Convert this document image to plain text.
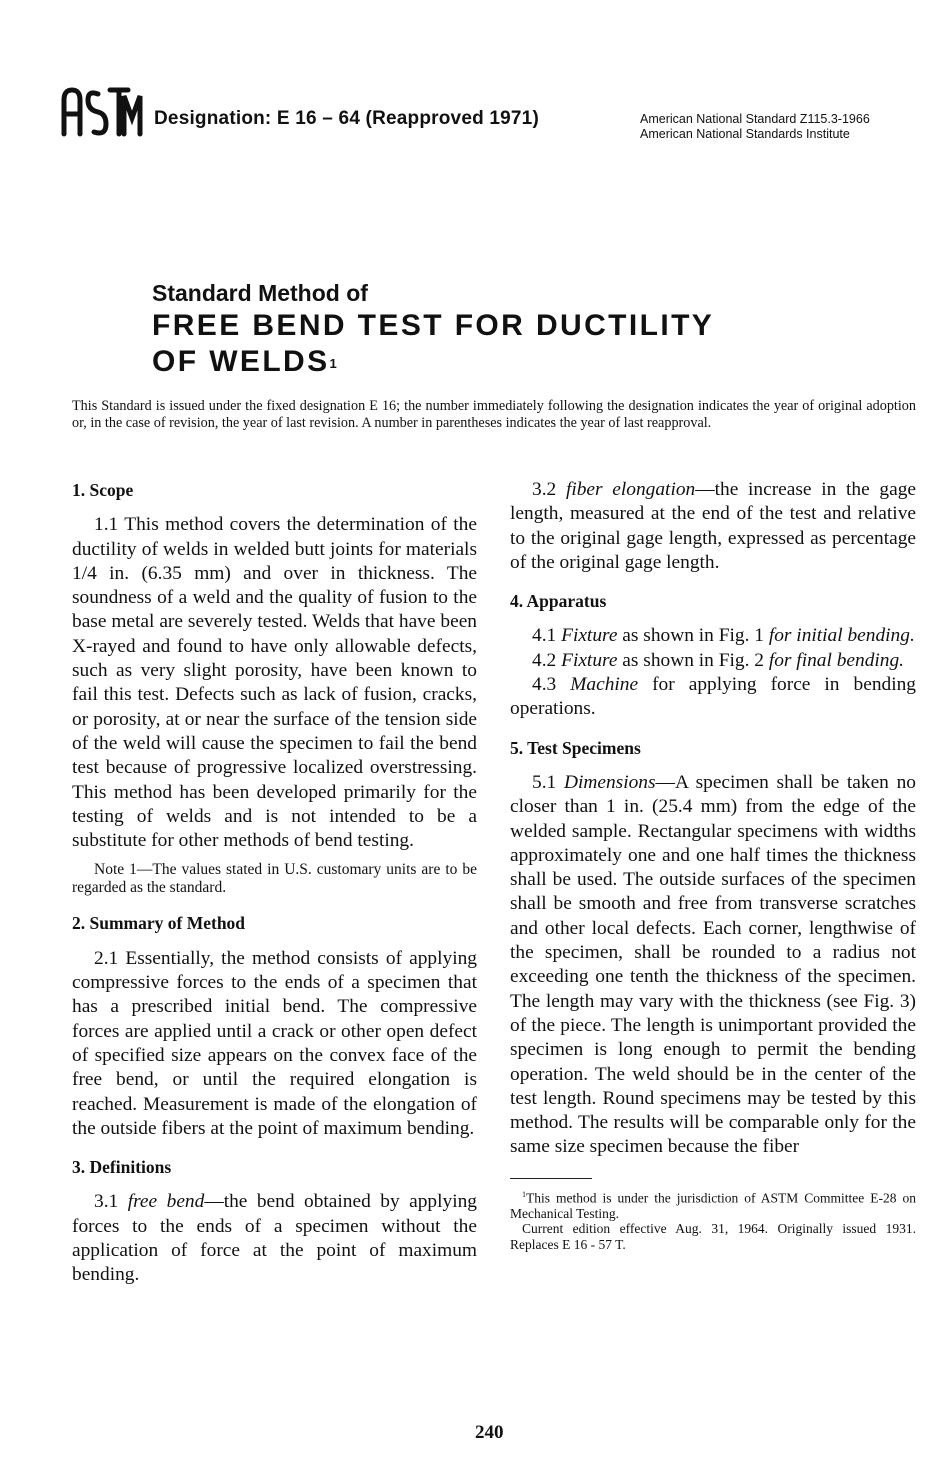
Designation: E 16 – 64 (Reapproved 1971)	American National Standard Z115.3-1966
American National Standards Institute
Standard Method of
FREE BEND TEST FOR DUCTILITY
OF WELDS$^1$
This Standard is issued under the fixed designation E 16; the number immediately following the designation indicates the year of original adoption or, in the case of revision, the year of last revision. A number in parentheses indicates the year of last reapproval.

1. Scope

1.1 This method covers the determination of the ductility of welds in welded butt joints for materials 1/4 in. (6.35 mm) and over in thickness. The soundness of a weld and the quality of fusion to the base metal are severely tested. Welds that have been X-rayed and found to have only allowable defects, such as very slight porosity, have been known to fail this test. Defects such as lack of fusion, cracks, or porosity, at or near the surface of the tension side of the weld will cause the specimen to fail the bend test because of progressive localized overstressing. This method has been developed primarily for the testing of welds and is not intended to be a substitute for other methods of bend testing.

Note 1—The values stated in U.S. customary units are to be regarded as the standard.

2. Summary of Method

2.1 Essentially, the method consists of applying compressive forces to the ends of a specimen that has a prescribed initial bend. The compressive forces are applied until a crack or other open defect of specified size appears on the convex face of the free bend, or until the required elongation is reached. Measurement is made of the elongation of the outside fibers at the point of maximum bending.

3. Definitions

3.1 free bend—the bend obtained by applying forces to the ends of a specimen without the application of force at the point of maximum bending.

3.2 fiber elongation—the increase in the gage length, measured at the end of the test and relative to the original gage length, expressed as percentage of the original gage length.

4. Apparatus

4.1 Fixture as shown in Fig. 1 for initial bending.

4.2 Fixture as shown in Fig. 2 for final bending.

4.3 Machine for applying force in bending operations.

5. Test Specimens

5.1 Dimensions—A specimen shall be taken no closer than 1 in. (25.4 mm) from the edge of the welded sample. Rectangular specimens with widths approximately one and one half times the thickness shall be used. The outside surfaces of the specimen shall be smooth and free from transverse scratches and other local defects. Each corner, lengthwise of the specimen, shall be rounded to a radius not exceeding one tenth the thickness of the specimen. The length may vary with the thickness (see Fig. 3) of the piece. The length is unimportant provided the specimen is long enough to permit the bending operation. The weld should be in the center of the test length. Round specimens may be tested by this method. The results will be comparable only for the same size specimen because the fiber

$^1$This method is under the jurisdiction of ASTM Committee E-28 on Mechanical Testing.

Current edition effective Aug. 31, 1964. Originally issued 1931. Replaces E 16 - 57 T.

240
